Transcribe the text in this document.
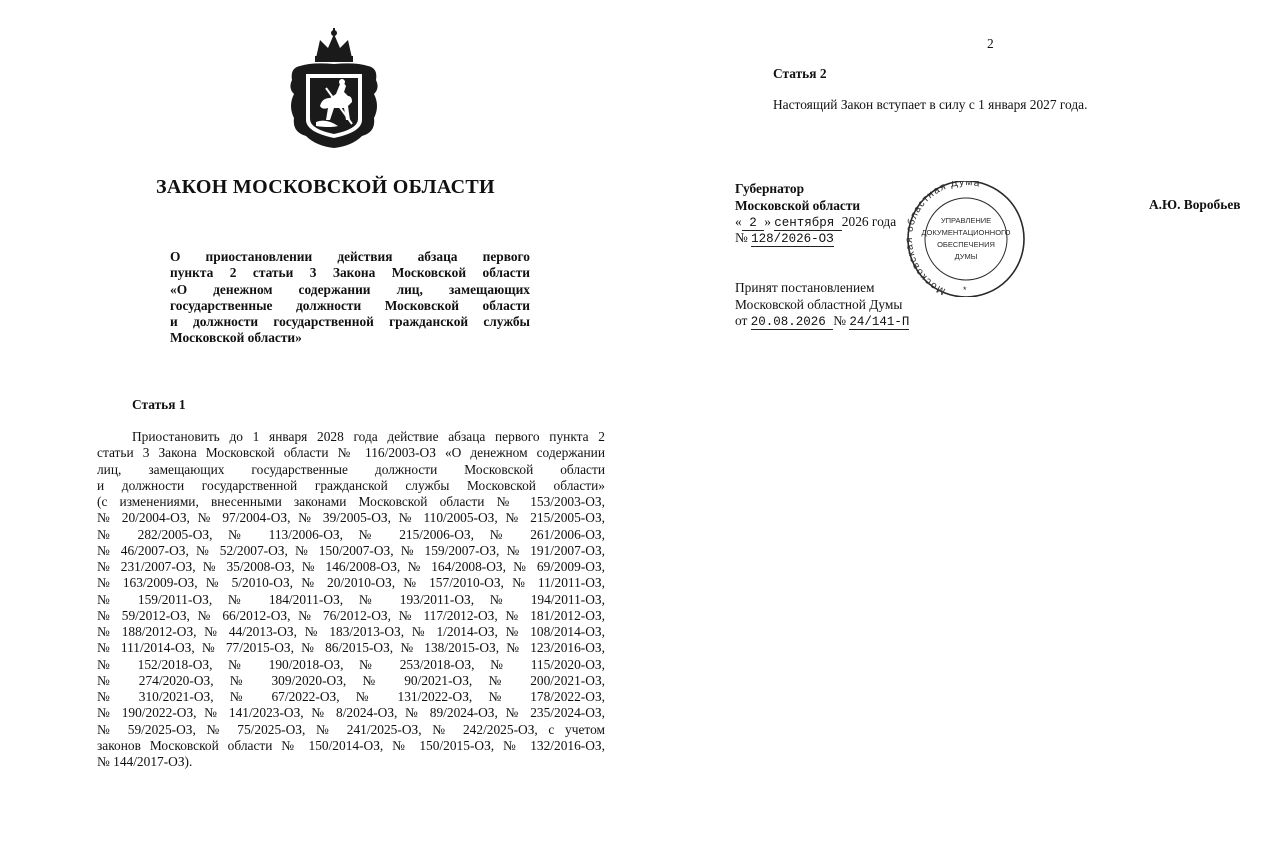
ЗАКОН МОСКОВСКОЙ ОБЛАСТИ
О приостановлении действия абзаца первого
пункта 2 статьи 3 Закона Московской области
«О денежном содержании лиц, замещающих
государственные должности Московской области
и должности государственной гражданской службы
Московской области»
Статья 1
Приостановить до 1 января 2028 года действие абзаца первого пункта 2
статьи 3 Закона Московской области № 116/2003-ОЗ «О денежном содержании
лиц, замещающих государственные должности Московской области
и должности государственной гражданской службы Московской области»
(с изменениями, внесенными законами Московской области № 153/2003-ОЗ,
№ 20/2004-ОЗ, № 97/2004-ОЗ, № 39/2005-ОЗ, № 110/2005-ОЗ, № 215/2005-ОЗ,
№ 282/2005-ОЗ, № 113/2006-ОЗ, № 215/2006-ОЗ, № 261/2006-ОЗ,
№ 46/2007-ОЗ, № 52/2007-ОЗ, № 150/2007-ОЗ, № 159/2007-ОЗ, № 191/2007-ОЗ,
№ 231/2007-ОЗ, № 35/2008-ОЗ, № 146/2008-ОЗ, № 164/2008-ОЗ, № 69/2009-ОЗ,
№ 163/2009-ОЗ, № 5/2010-ОЗ, № 20/2010-ОЗ, № 157/2010-ОЗ, № 11/2011-ОЗ,
№ 159/2011-ОЗ, № 184/2011-ОЗ, № 193/2011-ОЗ, № 194/2011-ОЗ,
№ 59/2012-ОЗ, № 66/2012-ОЗ, № 76/2012-ОЗ, № 117/2012-ОЗ, № 181/2012-ОЗ,
№ 188/2012-ОЗ, № 44/2013-ОЗ, № 183/2013-ОЗ, № 1/2014-ОЗ, № 108/2014-ОЗ,
№ 111/2014-ОЗ, № 77/2015-ОЗ, № 86/2015-ОЗ, № 138/2015-ОЗ, № 123/2016-ОЗ,
№ 152/2018-ОЗ, № 190/2018-ОЗ, № 253/2018-ОЗ, № 115/2020-ОЗ,
№ 274/2020-ОЗ, № 309/2020-ОЗ, № 90/2021-ОЗ, № 200/2021-ОЗ,
№ 310/2021-ОЗ, № 67/2022-ОЗ, № 131/2022-ОЗ, № 178/2022-ОЗ,
№ 190/2022-ОЗ, № 141/2023-ОЗ, № 8/2024-ОЗ, № 89/2024-ОЗ, № 235/2024-ОЗ,
№ 59/2025-ОЗ, № 75/2025-ОЗ, № 241/2025-ОЗ, № 242/2025-ОЗ, с учетом
законов Московской области № 150/2014-ОЗ, № 150/2015-ОЗ, № 132/2016-ОЗ,
№ 144/2017-ОЗ).
2
Статья 2
Настоящий Закон вступает в силу с 1 января 2027 года.
Губернатор
Московской области	А.Ю. Воробьев
« 2 » сентября 2026 года
№ 128/2026-ОЗ
Принят постановлением
Московской областной Думы
от 20.08.2026 № 24/141-П
Московская областная Дума
УПРАВЛЕНИЕ
ДОКУМЕНТАЦИОННОГО
ОБЕСПЕЧЕНИЯ
ДУМЫ
*
